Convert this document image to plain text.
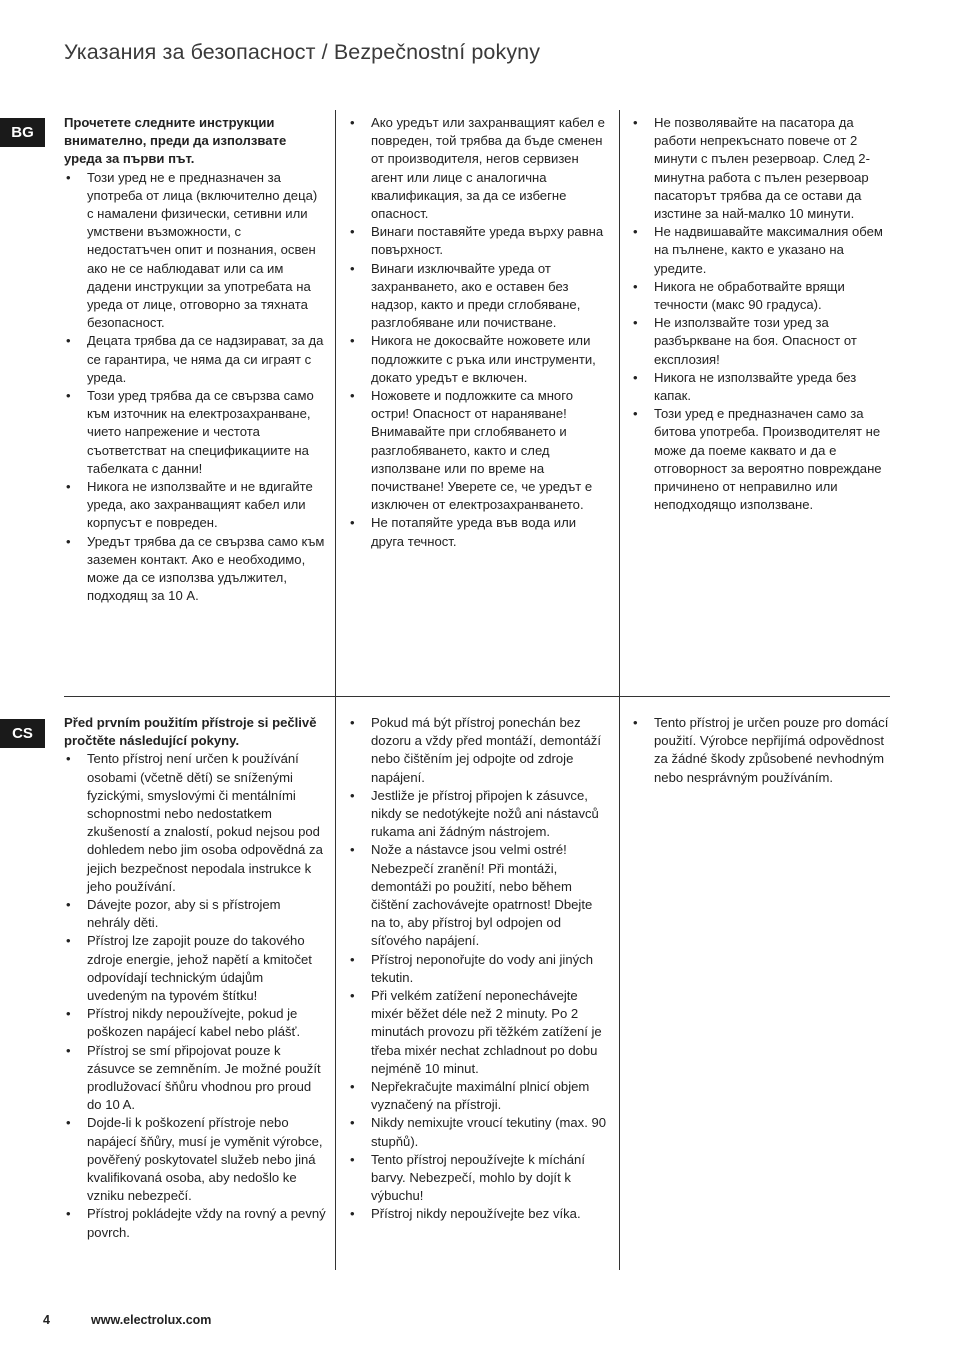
Указания за безопасност / Bezpečnostní pokyny
BG

Прочетете следните инструкции внимателно, преди да използвате уреда за първи път.

• Този уред не е предназначен за употреба от лица (включително деца) с намалени физически, сетивни или умствени възможности, с недостатъчен опит и познания, освен ако не се наблюдават или са им дадени инструкции за употребата на уреда от лице, отговорно за тяхната безопасност.
• Децата трябва да се надзирават, за да се гарантира, че няма да си играят с уреда.
• Този уред трябва да се свързва само към източник на електрозахранване, чието напрежение и честота съответстват на спецификациите на табелката с данни!
• Никога не използвайте и не вдигайте уреда, ако захранващият кабел или корпусът е повреден.
• Уредът трябва да се свързва само към заземен контакт. Ако е необходимо, може да се използва удължител, подходящ за 10 A.
• Ако уредът или захранващият кабел е повреден, той трябва да бъде сменен от производителя, негов сервизен агент или лице с аналогична квалификация, за да се избегне опасност.
• Винаги поставяйте уреда върху равна повърхност.
• Винаги изключвайте уреда от захранването, ако е оставен без надзор, както и преди сглобяване, разглобяване или почистване.
• Никога не докосвайте ножовете или подложките с ръка или инструменти, докато уредът е включен.
• Ножовете и подложките са много остри! Опасност от нараняване! Внимавайте при сглобяването и разглобяването, както и след използване или по време на почистване! Уверете се, че уредът е изключен от електрозахранването.
• Не потапяйте уреда във вода или друга течност.
• Не позволявайте на пасатора да работи непрекъснато повече от 2 минути с пълен резервоар. След 2-минутна работа с пълен резервоар пасаторът трябва да се остави да изстине за най-малко 10 минути.
• Не надвишавайте максималния обем на пълнене, както е указано на уредите.
• Никога не обработвайте врящи течности (макс 90 градуса).
• Не използвайте този уред за разбъркване на боя. Опасност от експлозия!
• Никога не използвайте уреда без капак.
• Този уред е предназначен само за битова употреба. Производителят не може да поеме каквато и да е отговорност за вероятно повреждане причинено от неправилно или неподходящо използване.
CS

Před prvním použitím přístroje si pečlivě pročtěte následující pokyny.

• Tento přístroj není určen k používání osobami (včetně dětí) se sníženými fyzickými, smyslovými či mentálními schopnostmi nebo nedostatkem zkušeností a znalostí, pokud nejsou pod dohledem nebo jim osoba odpovědná za jejich bezpečnost nepodala instrukce k jeho používání.
• Dávejte pozor, aby si s přístrojem nehrály děti.
• Přístroj lze zapojit pouze do takového zdroje energie, jehož napětí a kmitočet odpovídají technickým údajům uvedeným na typovém štítku!
• Přístroj nikdy nepoužívejte, pokud je poškozen napájecí kabel nebo plášť.
• Přístroj se smí připojovat pouze k zásuvce se zemněním. Je možné použít prodlužovací šňůru vhodnou pro proud do 10 A.
• Dojde-li k poškození přístroje nebo napájecí šňůry, musí je vyměnit výrobce, pověřený poskytovatel služeb nebo jiná kvalifikovaná osoba, aby nedošlo ke vzniku nebezpečí.
• Přístroj pokládejte vždy na rovný a pevný povrch.
• Pokud má být přístroj ponechán bez dozoru a vždy před montáží, demontáží nebo čištěním jej odpojte od zdroje napájení.
• Jestliže je přístroj připojen k zásuvce, nikdy se nedotýkejte nožů ani nástavců rukama ani žádným nástrojem.
• Nože a nástavce jsou velmi ostré! Nebezpečí zranění! Při montáži, demontáži po použití, nebo během čištění zachovávejte opatrnost! Dbejte na to, aby přístroj byl odpojen od síťového napájení.
• Přístroj neponořujte do vody ani jiných tekutin.
• Při velkém zatížení neponechávejte mixér běžet déle než 2 minuty. Po 2 minutách provozu při těžkém zatížení je třeba mixér nechat zchladnout po dobu nejméně 10 minut.
• Nepřekračujte maximální plnicí objem vyznačený na přístroji.
• Nikdy nemixujte vroucí tekutiny (max. 90 stupňů).
• Tento přístroj nepoužívejte k míchání barvy. Nebezpečí, mohlo by dojít k výbuchu!
• Přístroj nikdy nepoužívejte bez víka.
• Tento přístroj je určen pouze pro domácí použití. Výrobce nepřijímá odpovědnost za žádné škody způsobené nevhodným nebo nesprávným používáním.
4	www.electrolux.com
